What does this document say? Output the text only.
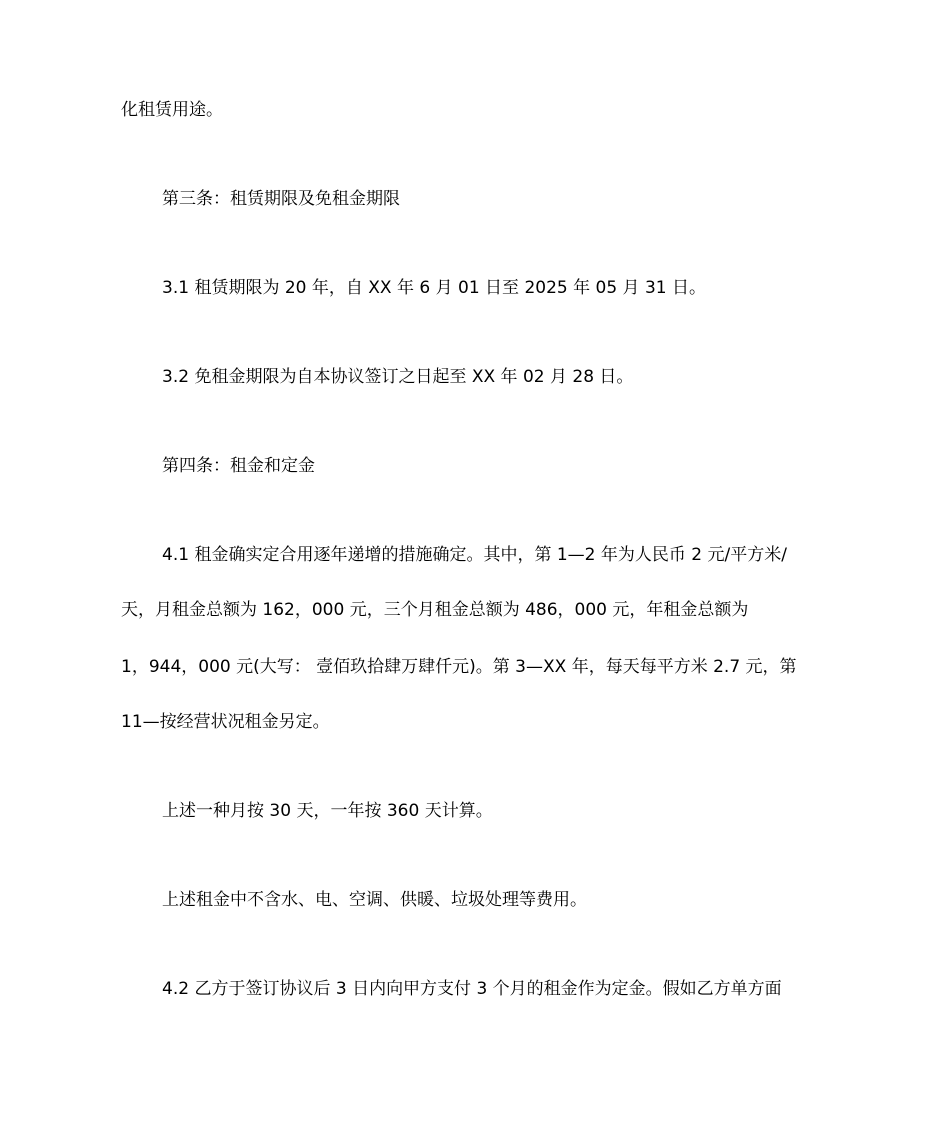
化租赁用途。
第三条：租赁期限及免租金期限
3.1 租赁期限为 20 年，自 XX 年 6 月 01 日至 2025 年 05 月 31 日。
3.2 免租金期限为自本协议签订之日起至 XX 年 02 月 28 日。
第四条：租金和定金
4.1 租金确实定合用逐年递增的措施确定。其中，第 1—2 年为人民币 2 元/平方米/
天，月租金总额为 162，000 元，三个月租金总额为 486，000 元，年租金总额为
1，944，000 元(大写： 壹佰玖拾肆万肆仟元)。第 3—XX 年，每天每平方米 2.7 元，第
11—按经营状况租金另定。
上述一种月按 30 天，一年按 360 天计算。
上述租金中不含水、电、空调、供暖、垃圾处理等费用。
4.2 乙方于签订协议后 3 日内向甲方支付 3 个月的租金作为定金。假如乙方单方面
